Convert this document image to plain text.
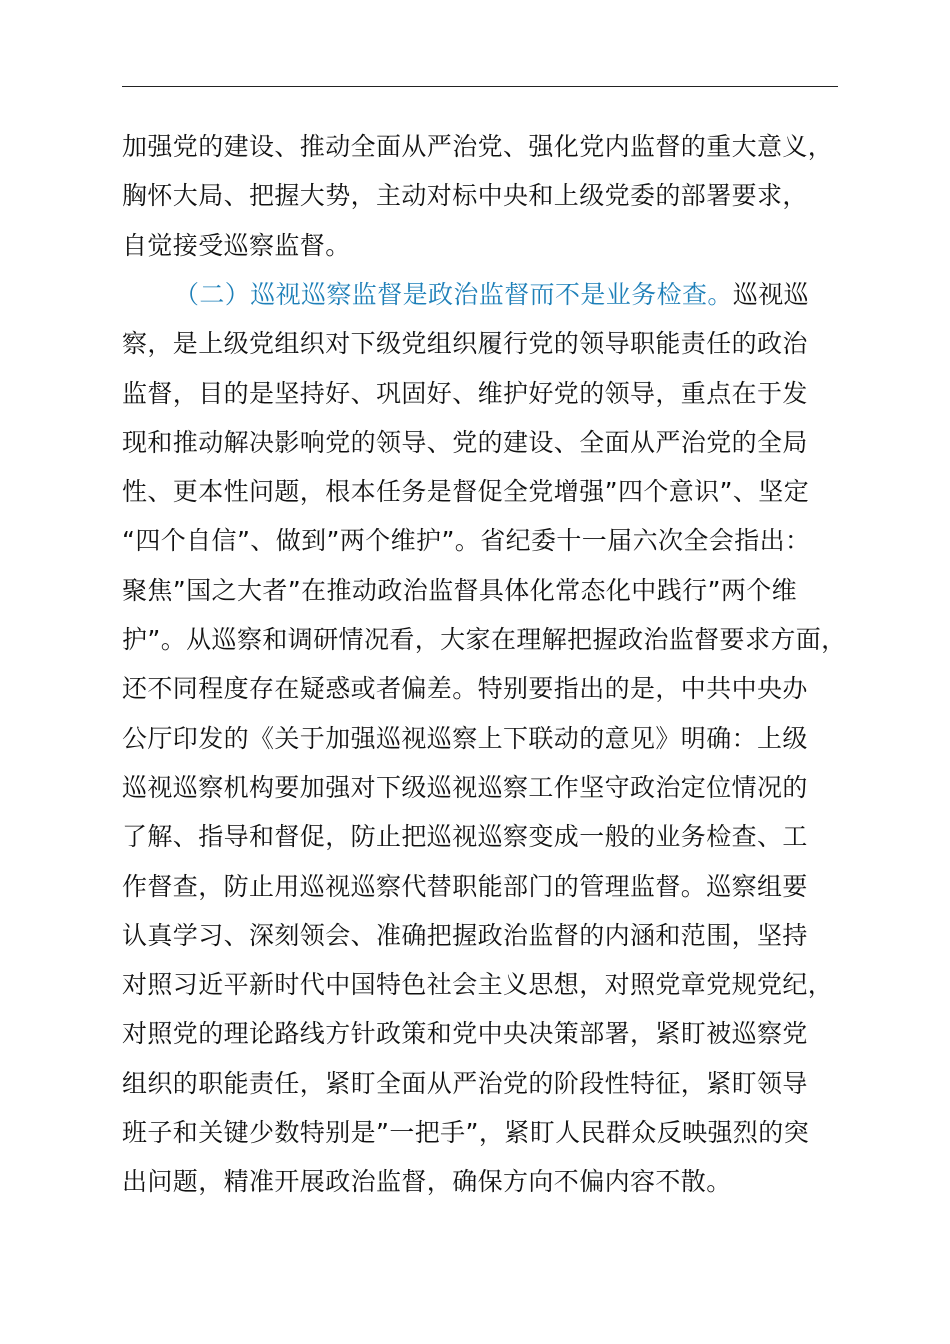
加强党的建设、推动全面从严治党、强化党内监督的重大意义，
胸怀大局、把握大势，主动对标中央和上级党委的部署要求，
自觉接受巡察监督。
（二）巡视巡察监督是政治监督而不是业务检查。巡视巡
察，是上级党组织对下级党组织履行党的领导职能责任的政治
监督，目的是坚持好、巩固好、维护好党的领导，重点在于发
现和推动解决影响党的领导、党的建设、全面从严治党的全局
性、更本性问题，根本任务是督促全党增强”四个意识”、坚定
“四个自信”、做到”两个维护”。省纪委十一届六次全会指出：
聚焦”国之大者”在推动政治监督具体化常态化中践行”两个维
护”。从巡察和调研情况看，大家在理解把握政治监督要求方面，
还不同程度存在疑惑或者偏差。特别要指出的是，中共中央办
公厅印发的《关于加强巡视巡察上下联动的意见》明确：上级
巡视巡察机构要加强对下级巡视巡察工作坚守政治定位情况的
了解、指导和督促，防止把巡视巡察变成一般的业务检查、工
作督查，防止用巡视巡察代替职能部门的管理监督。巡察组要
认真学习、深刻领会、准确把握政治监督的内涵和范围，坚持
对照习近平新时代中国特色社会主义思想，对照党章党规党纪，
对照党的理论路线方针政策和党中央决策部署，紧盯被巡察党
组织的职能责任，紧盯全面从严治党的阶段性特征，紧盯领导
班子和关键少数特别是”一把手”，紧盯人民群众反映强烈的突
出问题，精准开展政治监督，确保方向不偏内容不散。
